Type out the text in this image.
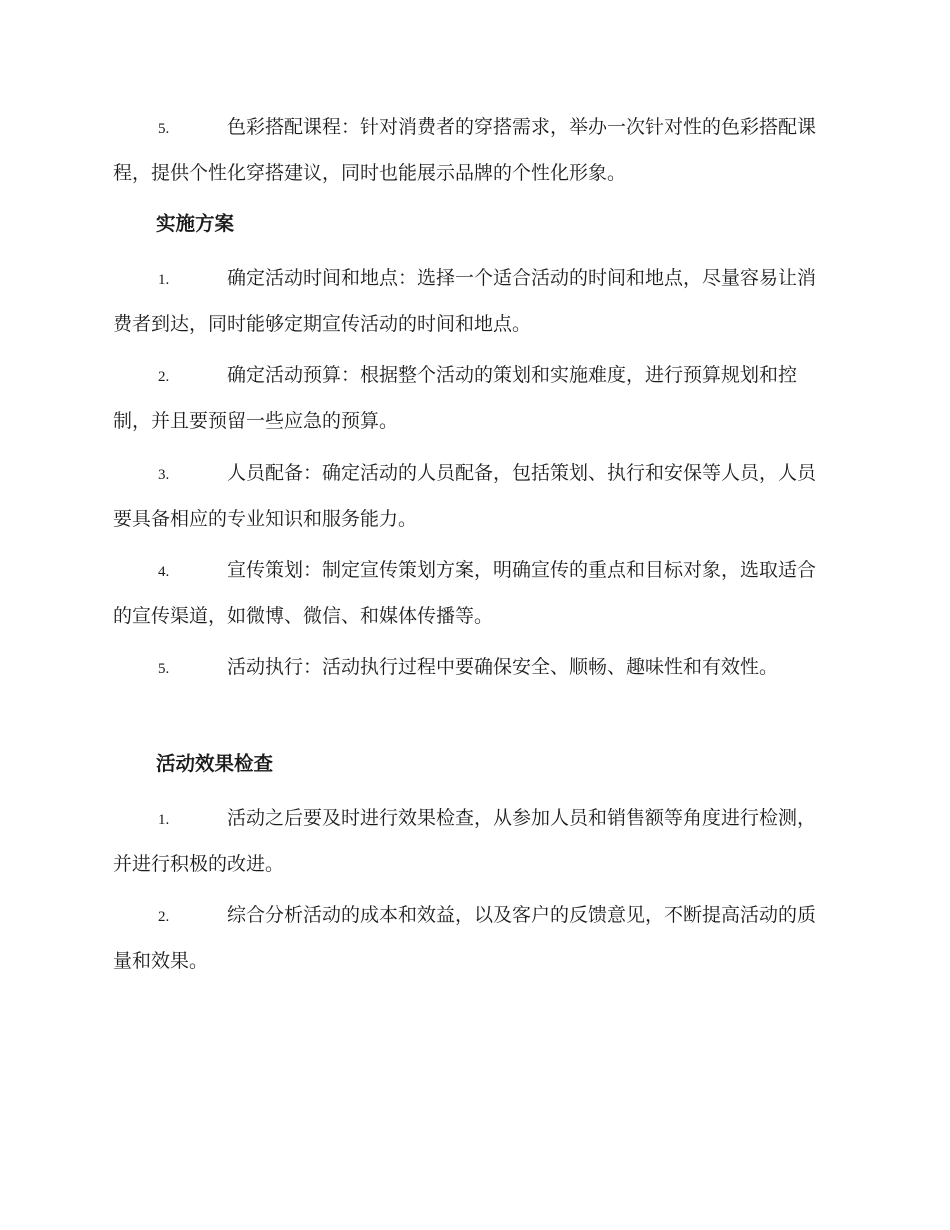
5.	色彩搭配课程：针对消费者的穿搭需求，举办一次针对性的色彩搭配课程，提供个性化穿搭建议，同时也能展示品牌的个性化形象。

实施方案

1.	确定活动时间和地点：选择一个适合活动的时间和地点，尽量容易让消费者到达，同时能够定期宣传活动的时间和地点。

2.	确定活动预算：根据整个活动的策划和实施难度，进行预算规划和控制，并且要预留一些应急的预算。

3.	人员配备：确定活动的人员配备，包括策划、执行和安保等人员，人员要具备相应的专业知识和服务能力。

4.	宣传策划：制定宣传策划方案，明确宣传的重点和目标对象，选取适合的宣传渠道，如微博、微信、和媒体传播等。

5.	活动执行：活动执行过程中要确保安全、顺畅、趣味性和有效性。

活动效果检查

1.	活动之后要及时进行效果检查，从参加人员和销售额等角度进行检测，并进行积极的改进。

2.	综合分析活动的成本和效益，以及客户的反馈意见，不断提高活动的质量和效果。
